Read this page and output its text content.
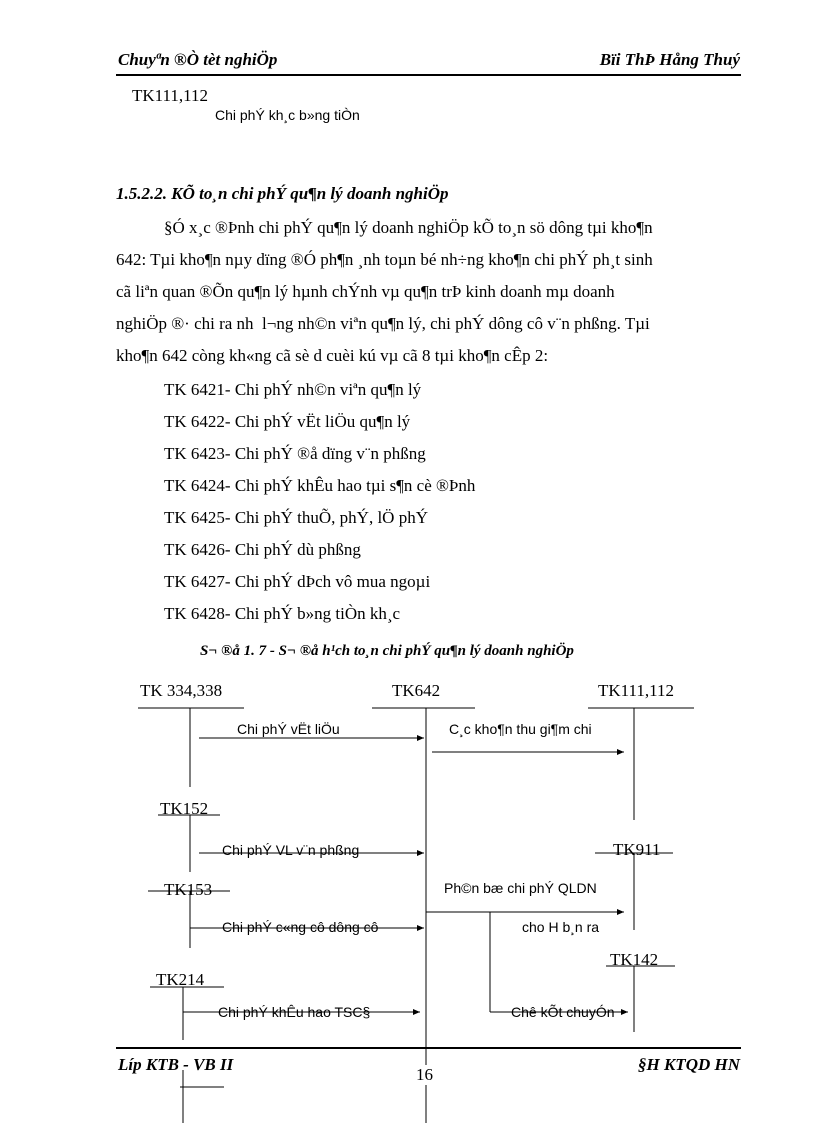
Chuyªn ®Ò tèt nghiÖp	Bïi ThÞ Hång Thuý
TK111,112
Chi phÝ kh¸c b»ng tiÒn
1.5.2.2. KÕ to¸n chi phÝ qu¶n lý doanh nghiÖp
§Ó x¸c ®Þnh chi phÝ qu¶n lý doanh nghiÖp kÕ to¸n sö dông tµi kho¶n
642: Tµi kho¶n nµy dïng ®Ó ph¶n ¸nh toµn bé nh÷ng kho¶n chi phÝ ph¸t sinh
cã liªn quan ®Õn qu¶n lý hµnh chÝnh vµ qu¶n trÞ kinh doanh mµ doanh
nghiÖp ®· chi ra nh  l¬ng nh©n viªn qu¶n lý, chi phÝ dông cô v¨n phßng. Tµi
kho¶n 642 còng kh«ng cã sè d cuèi kú vµ cã 8 tµi kho¶n cÊp 2:
TK 6421- Chi phÝ nh©n viªn qu¶n lý
TK 6422- Chi phÝ vËt liÖu qu¶n lý
TK 6423- Chi phÝ ®å dïng v¨n phßng
TK 6424- Chi phÝ khÊu hao tµi s¶n cè ®Þnh
TK 6425- Chi phÝ thuÕ, phÝ, lÖ phÝ
TK 6426- Chi phÝ dù phßng
TK 6427- Chi phÝ dÞch vô mua ngoµi
TK 6428- Chi phÝ b»ng tiÒn kh¸c
S¬ ®å 1. 7 - S¬ ®å h¹ch to¸n chi phÝ qu¶n lý doanh nghiÖp
TK 334,338	TK642	TK111,112
TK152
TK911
TK153
TK142
TK214
Chi phÝ vËt liÖu	C¸c kho¶n thu gi¶m chi
Chi phÝ VL v¨n phßng
Ph©n bæ chi phÝ QLDN
Chi phÝ c«ng cô dông cô	cho H b¸n ra
Chi phÝ khÊu hao TSC§	Chê kÕt chuyÓn
Líp KTB - VB II
16
§H KTQD HN
